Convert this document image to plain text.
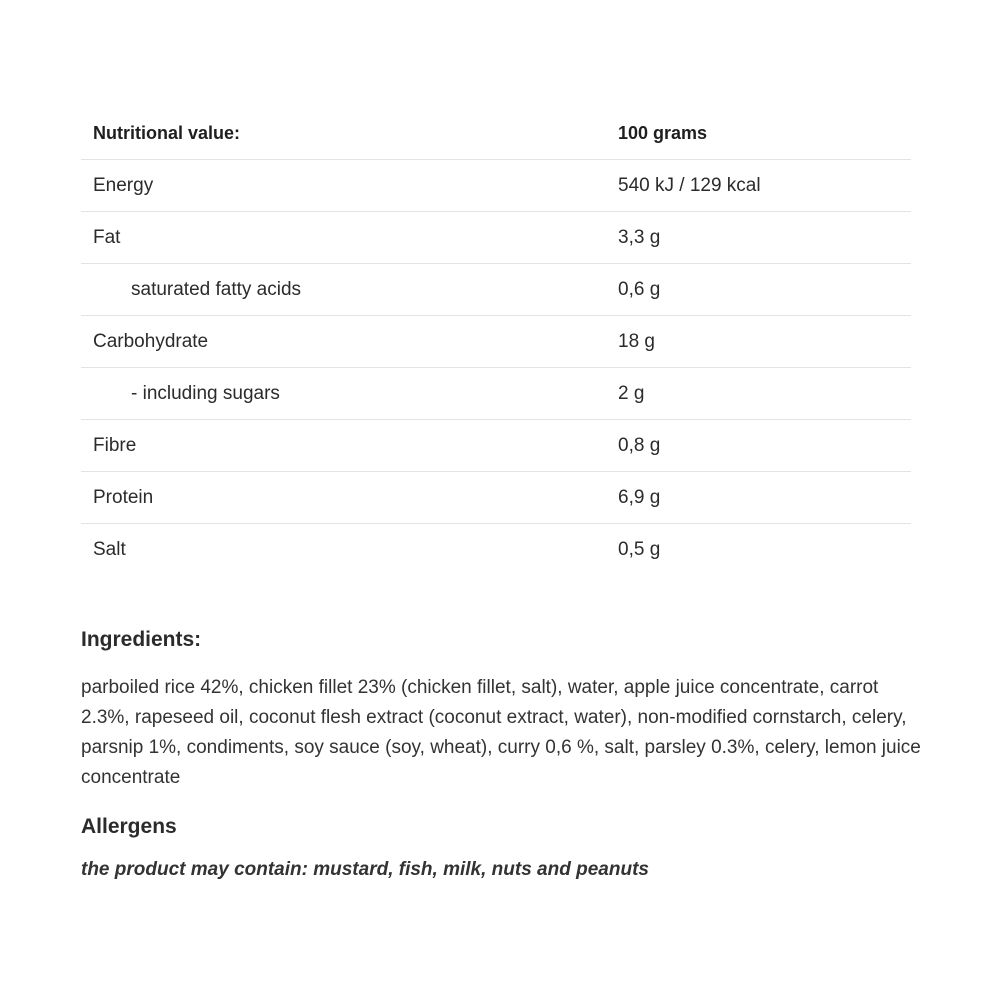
Nutritional value:	100 grams
Energy	540 kJ / 129 kcal
Fat	3,3 g
saturated fatty acids	0,6 g
Carbohydrate	18 g
- including sugars	2 g
Fibre	0,8 g
Protein	6,9 g
Salt	0,5 g
Ingredients:

parboiled rice 42%, chicken fillet 23% (chicken fillet, salt), water, apple juice concentrate, carrot 2.3%, rapeseed oil, coconut flesh extract (coconut extract, water), non-modified cornstarch, celery, parsnip 1%, condiments, soy sauce (soy, wheat), curry 0,6 %, salt, parsley 0.3%, celery, lemon juice concentrate

Allergens

the product may contain: mustard, fish, milk, nuts and peanuts
